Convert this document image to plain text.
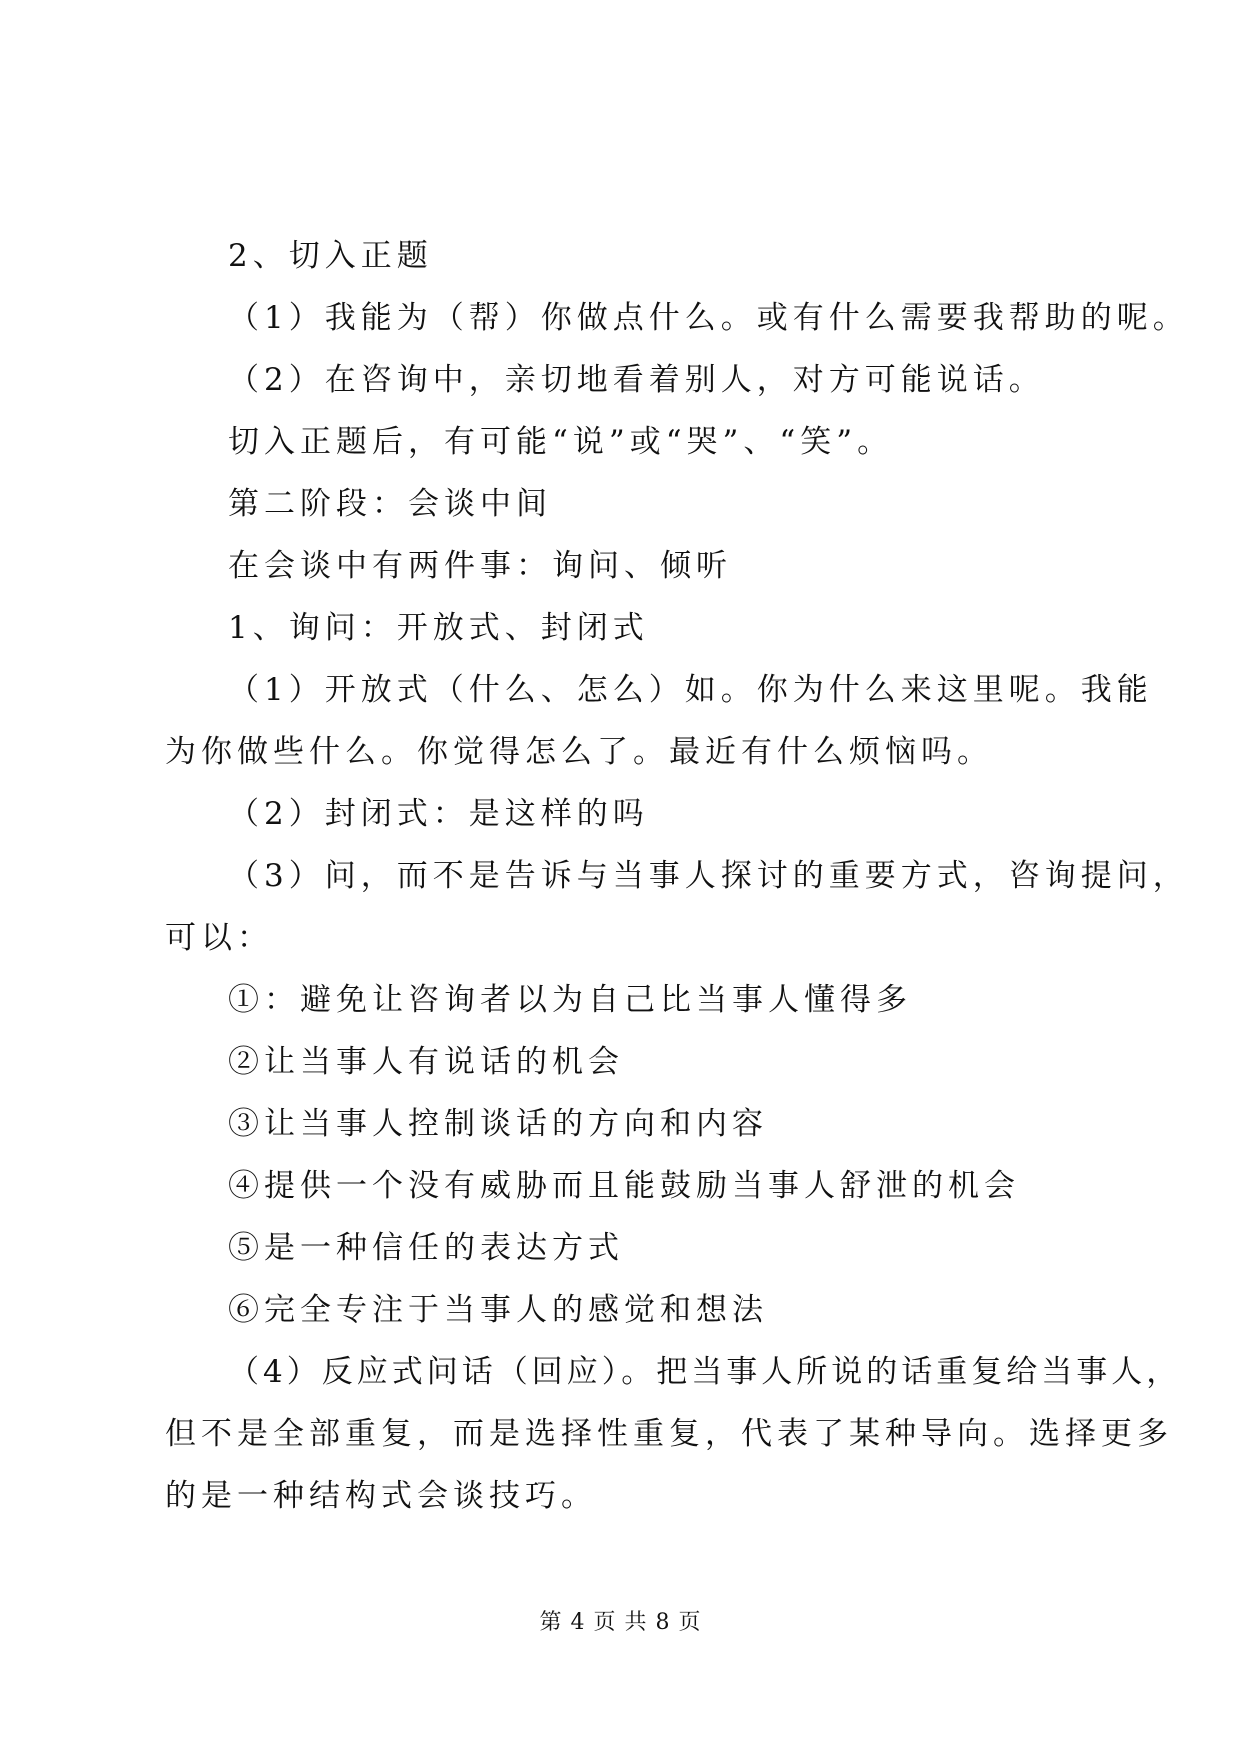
2、切入正题
（1）我能为（帮）你做点什么。或有什么需要我帮助的呢。
（2）在咨询中，亲切地看着别人，对方可能说话。
切入正题后，有可能“说”或“哭”、“笑”。
第二阶段：会谈中间
在会谈中有两件事：询问、倾听
1、询问：开放式、封闭式
（1）开放式（什么、怎么）如。你为什么来这里呢。我能
为你做些什么。你觉得怎么了。最近有什么烦恼吗。
（2）封闭式：是这样的吗
（3）问，而不是告诉与当事人探讨的重要方式，咨询提问，
可以：
①：避免让咨询者以为自己比当事人懂得多
②让当事人有说话的机会
③让当事人控制谈话的方向和内容
④提供一个没有威胁而且能鼓励当事人舒泄的机会
⑤是一种信任的表达方式
⑥完全专注于当事人的感觉和想法
（4）反应式问话（回应）。把当事人所说的话重复给当事人，
但不是全部重复，而是选择性重复，代表了某种导向。选择更多
的是一种结构式会谈技巧。
第 4 页 共 8 页
